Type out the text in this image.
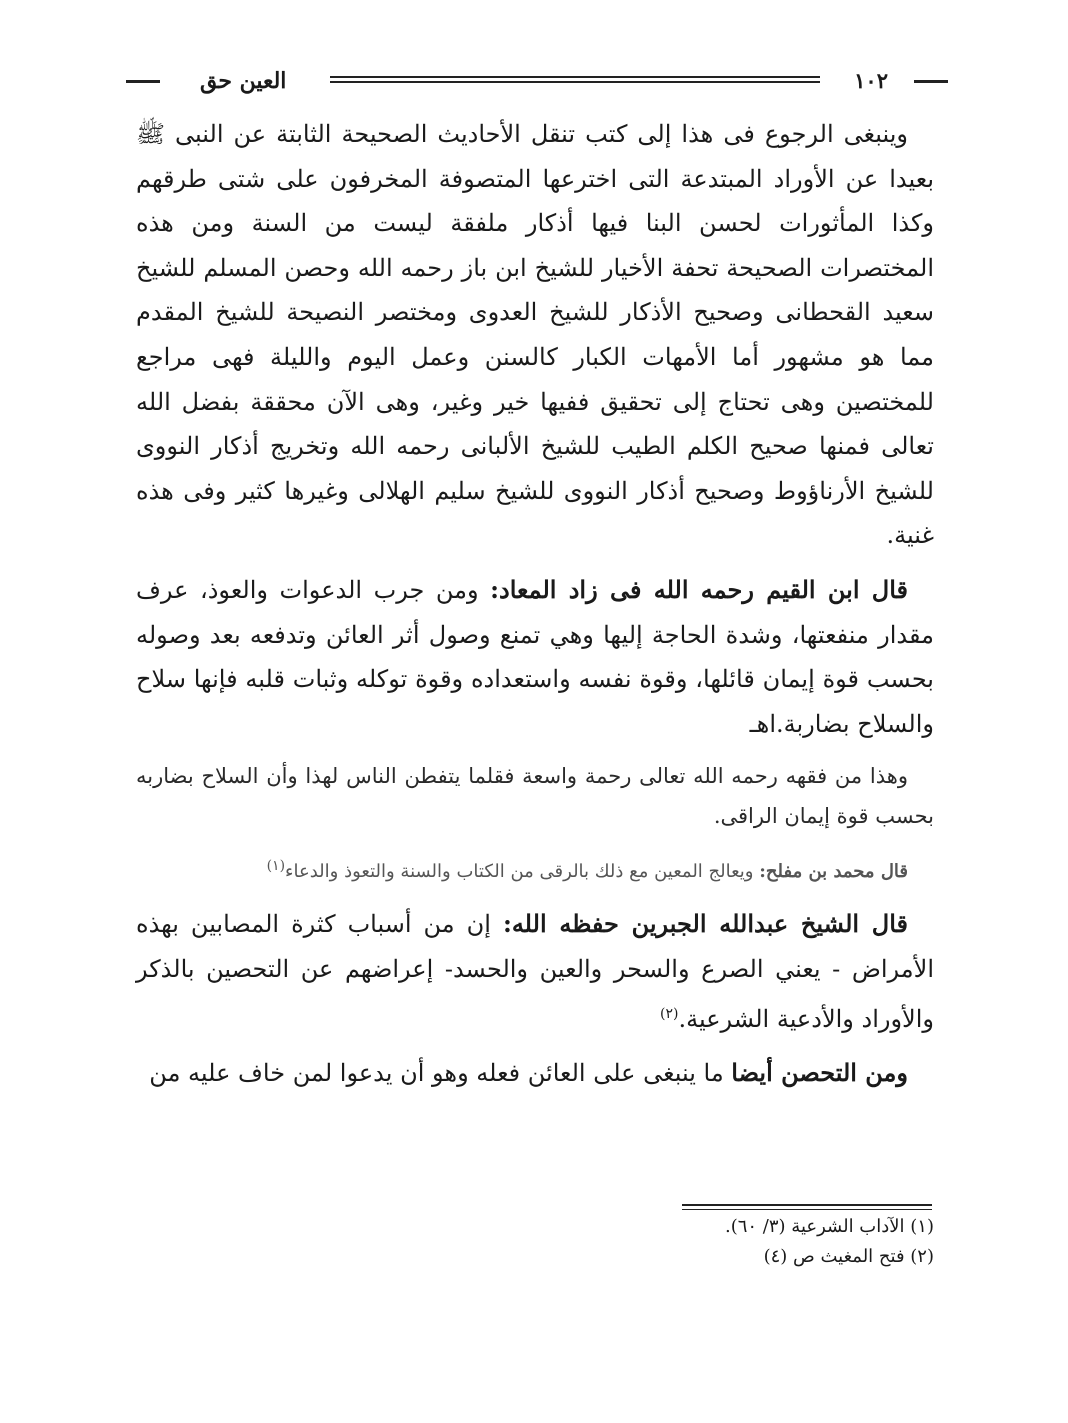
١٠٢
العين حق

وينبغى الرجوع فى هذا إلى كتب تنقل الأحاديث الصحيحة الثابتة عن النبى ﷺ بعيدا عن الأوراد المبتدعة التى اخترعها المتصوفة المخرفون على شتى طرقهم وكذا المأثورات لحسن البنا فيها أذكار ملفقة ليست من السنة ومن هذه المختصرات الصحيحة تحفة الأخيار للشيخ ابن باز رحمه الله وحصن المسلم للشيخ سعيد القحطانى وصحيح الأذكار للشيخ العدوى ومختصر النصيحة للشيخ المقدم مما هو مشهور أما الأمهات الكبار كالسنن وعمل اليوم والليلة فهى مراجع للمختصين وهى تحتاج إلى تحقيق ففيها خير وغير، وهى الآن محققة بفضل الله تعالى فمنها صحيح الكلم الطيب للشيخ الألبانى رحمه الله وتخريج أذكار النووى للشيخ الأرناؤوط وصحيح أذكار النووى للشيخ سليم الهلالى وغيرها كثير وفى هذه غنية.

قال ابن القيم رحمه الله فى زاد المعاد: ومن جرب الدعوات والعوذ، عرف مقدار منفعتها، وشدة الحاجة إليها وهي تمنع وصول أثر العائن وتدفعه بعد وصوله بحسب قوة إيمان قائلها، وقوة نفسه واستعداده وقوة توكله وثبات قلبه فإنها سلاح والسلاح بضاربة.اهـ

وهذا من فقهه رحمه الله تعالى رحمة واسعة فقلما يتفطن الناس لهذا وأن السلاح بضاربه بحسب قوة إيمان الراقى.

قال محمد بن مفلح: ويعالج المعين مع ذلك بالرقى من الكتاب والسنة والتعوذ والدعاء$^{(١)}$

قال الشيخ عبدالله الجبرين حفظه الله: إن من أسباب كثرة المصابين بهذه الأمراض - يعني الصرع والسحر والعين والحسد- إعراضهم عن التحصين بالذكر والأوراد والأدعية الشرعية.$^{(٢)}$

ومن التحصن أيضا ما ينبغى على العائن فعله وهو أن يدعوا لمن خاف عليه من

(١) الآداب الشرعية (٣/ ٦٠).

(٢) فتح المغيث ص (٤)
